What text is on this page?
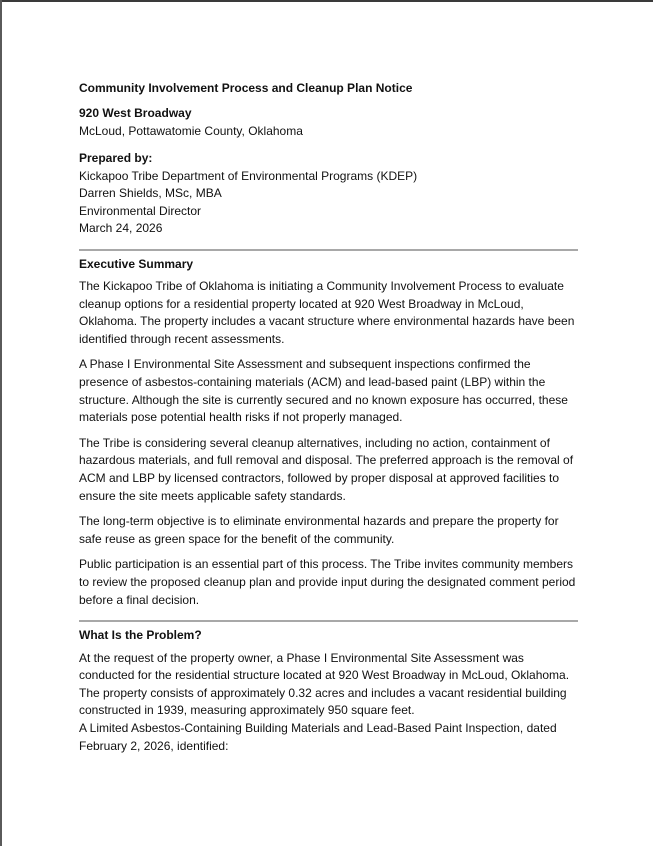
Community Involvement Process and Cleanup Plan Notice

920 West Broadway

McLoud, Pottawatomie County, Oklahoma

Prepared by:

Kickapoo Tribe Department of Environmental Programs (KDEP)

Darren Shields, MSc, MBA

Environmental Director

March 24, 2026

Executive Summary

The Kickapoo Tribe of Oklahoma is initiating a Community Involvement Process to evaluate cleanup options for a residential property located at 920 West Broadway in McLoud, Oklahoma. The property includes a vacant structure where environmental hazards have been identified through recent assessments.

A Phase I Environmental Site Assessment and subsequent inspections confirmed the presence of asbestos-containing materials (ACM) and lead-based paint (LBP) within the structure. Although the site is currently secured and no known exposure has occurred, these materials pose potential health risks if not properly managed.

The Tribe is considering several cleanup alternatives, including no action, containment of hazardous materials, and full removal and disposal. The preferred approach is the removal of ACM and LBP by licensed contractors, followed by proper disposal at approved facilities to ensure the site meets applicable safety standards.

The long-term objective is to eliminate environmental hazards and prepare the property for safe reuse as green space for the benefit of the community.

Public participation is an essential part of this process. The Tribe invites community members to review the proposed cleanup plan and provide input during the designated comment period before a final decision.

What Is the Problem?

At the request of the property owner, a Phase I Environmental Site Assessment was conducted for the residential structure located at 920 West Broadway in McLoud, Oklahoma. The property consists of approximately 0.32 acres and includes a vacant residential building constructed in 1939, measuring approximately 950 square feet.

A Limited Asbestos-Containing Building Materials and Lead-Based Paint Inspection, dated February 2, 2026, identified:
